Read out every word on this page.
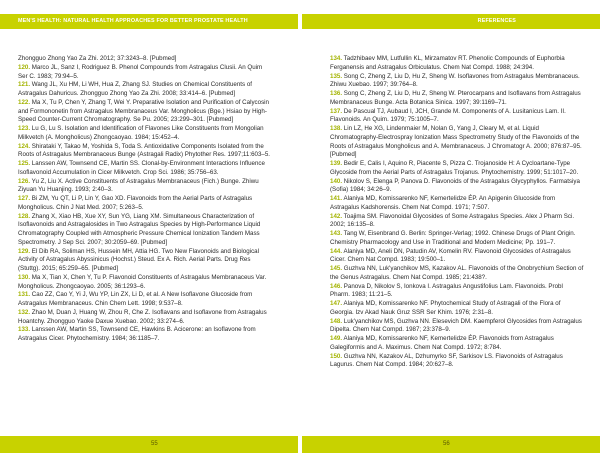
MEN'S HEALTH: NATURAL HEALTH APPROACHES FOR BETTER PROSTATE HEALTH	REFERENCES

Zhongguo Zhong Yao Za Zhi. 2012; 37:3243–8. [Pubmed]

120. Marco JL, Sanz I, Rodriguez B. Phenol Compounds from Astragalus Clusii. An Quim Ser C. 1983; 79:94–5.

121. Wang JL, Xu HM, Li WH, Hua Z, Zhang SJ. Studies on Chemical Constituents of Astragalus Dahuricus. Zhongguo Zhong Yao Za Zhi. 2008; 33:414–6. [Pubmed]

122. Ma X, Tu P, Chen Y, Zhang T, Wei Y. Preparative Isolation and Purification of Calycosin and Formononetin from Astragalus Membranaceus Var. Mongholicus (Bge.) Hsiao by High-Speed Counter-Current Chromatography. Se Pu. 2005; 23:299–301. [Pubmed]

123. Lu G, Lu S. Isolation and Identification of Flavones Like Constituents from Mongolian Milkvetch (A. Mongholicus) Zhongcaoyao. 1984; 15:452–4.

124. Shirataki Y, Takao M, Yoshida S, Toda S. Antioxidative Components Isolated from the Roots of Astragalus Membranaceus Bunge (Astragali Radix) Phytother Res. 1997;11:603–5.

125. Lanssen AW, Townsend CE, Martin SS. Clonal-by-Environment Interactions Influence Isoflavonoid Accumulation in Cicer Milkvetch. Crop Sci. 1986; 35:756–63.

126. Yu Z, Liu X. Active Constituents of Astragalus Membranaceus (Fich.) Bunge. Zhiwu Ziyuan Yu Huanjing. 1993; 2:40–3.

127. Bi ZM, Yu QT, Li P, Lin Y, Gao XD. Flavonoids from the Aerial Parts of Astragalus Mongholicus. Chin J Nat Med. 2007; 5:263–5.

128. Zhang X, Xiao HB, Xue XY, Sun YG, Liang XM. Simultaneous Characterization of Isoflavonoids and Astragalosides in Two Astragalus Species by High-Performance Liquid Chromatography Coupled with Atmospheric Pressure Chemical Ionization Tandem Mass Spectrometry. J Sep Sci. 2007; 30:2059–69. [Pubmed]

129. El Dib RA, Soliman HS, Hussein MH, Attia HG. Two New Flavonoids and Biological Activity of Astragalus Abyssinicus (Hochst.) Steud. Ex A. Rich. Aerial Parts. Drug Res (Stuttg). 2015; 65:259–65. [Pubmed]

130. Ma X, Tian X, Chen Y, Tu P. Flavonoid Constituents of Astragalus Membranaceus Var. Mongholicus. Zhongcaoyao. 2005; 36:1293–6.

131. Cao ZZ, Cao Y, Yi J, Wu YP, Lin ZX, Li D, et al. A New Isoflavone Glucoside from Astragalus Membranaceus. Chin Chem Lett. 1998; 9:537–8.

132. Zhao M, Duan J, Huang W, Zhou R, Che Z. Isoflavans and Isoflavone from Astragalus Hoantchy. Zhongguo Yaoke Daxue Xuebao. 2002; 33:274–6.

133. Lanssen AW, Martin SS, Townsend CE, Hawkins B. Acicerone: an Isoflavone from Astragalus Cicer. Phytochemistry. 1984; 36:1185–7.

134. Tadzhibaev MM, Lutfullin KL, Mirzamatov RT. Phenolic Compounds of Euphorbia Ferganensis and Astragalus Orbiculatus. Chem Nat Compd. 1988; 24:394.

135. Song C, Zheng Z, Liu D, Hu Z, Sheng W. Isoflavones from Astragalus Membranaceus. Zhiwu Xuebao. 1997; 39:764–8.

136. Song C, Zheng Z, Liu D, Hu Z, Sheng W. Pterocarpans and Isoflavans from Astragalus Membranaceus Bunge. Acta Botanica Sinica. 1997; 39:1169–71.

137. De Pascual TJ, Aubaud I, JCH, Grande M. Components of A. Lusitanicus Lam. II. Flavonoids. An Quim. 1979; 75:1005–7.

138. Lin LZ, He XG, Lindenmaier M, Nolan G, Yang J, Cleary M, et al. Liquid Chromatography-Electrospray Ionization Mass Spectrometry Study of the Flavonoids of the Roots of Astragalus Mongholicus and A. Membranaceus. J Chromatogr A. 2000; 876:87–95. [Pubmed]

139. Bedir E, Calis I, Aquino R, Piacente S, Pizza C. Trojanoside H: A Cycloartane-Type Glycoside from the Aerial Parts of Astragalus Trojanus. Phytochemistry. 1999; 51:1017–20.

140. Nikolov S, Elenga P, Panova D. Flavonoids of the Astragalus Glycyphyllos. Farmatsiya (Sofia) 1984; 34:26–9.

141. Alaniya MD, Komissarenko NF, Kemertelidze ÉP. An Apigenin Glucoside from Astragalus Kadshorensis. Chem Nat Compd. 1971; 7:507.

142. Toajima SM. Flavonoidal Glycosides of Some Astragalus Species. Alex J Pharm Sci. 2002; 16:135–8.

143. Tang W, Eisenbrand G. Berlin: Springer-Verlag; 1992. Chinese Drugs of Plant Origin. Chemistry Pharmacology and Use in Traditional and Modern Medicine; Pp. 191–7.

144. Alaniya MD, Aneli DN, Patudin AV, Komelin RV. Flavonoid Glycosides of Astragalus Cicer. Chem Nat Compd. 1983; 19:500–1.

145. Guzhva NN, Luk'yanchikov MS, Kazakov AL. Flavonoids of the Onobrychium Section of the Genus Astragalus. Chem Nat Compd. 1985; 21:438?.

146. Panova D, Nikolov S, Ionkova I. Astragalus Angustifolius Lam. Flavonoids. Probl Pharm. 1983; 11:21–5.

147. Alaniya MD, Komissarenko NF. Phytochemical Study of Astragali of the Flora of Georgia. Izv Akad Nauk Gruz SSR Ser Khim. 1976; 2:31–8.

148. Luk'yanchikov MS, Guzhva NN. Elesevich DM. Kaempferol Glycosides from Astragalus Dipelta. Chem Nat Compd. 1987; 23:378–9.

149. Alaniya MD, Komissarenko NF, Kemertelidze ÉP. Flavonoids from Astragalus Galegiformis and A. Maximus. Chem Nat Compd. 1972; 8:784.

150. Guzhva NN, Kazakov AL, Dzhumyrko SF, Sarkisov LS. Flavonoids of Astragalus Lagurus. Chem Nat Compd. 1984; 20:627–8.

55	56
